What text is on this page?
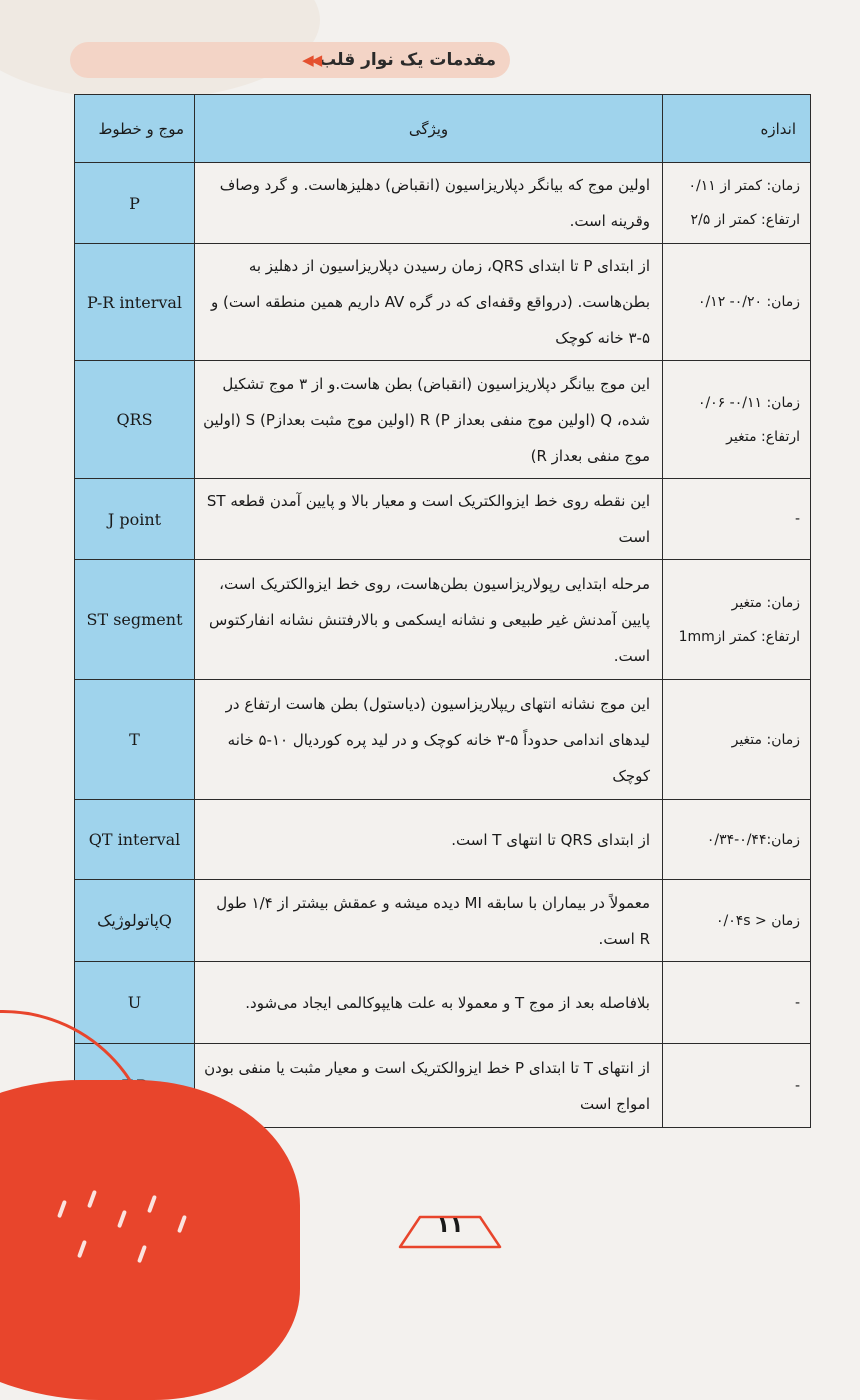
مقدمات یک نوار قلب
◀◀
اندازه	ویژگی	موج و خطوط

زمان: کمتر از ۰/۱۱
ارتفاع: کمتر از ۲/۵	اولین موج که بیانگر دپلاریزاسیون (انقباض) دهلیزهاست. و گرد وصاف وقرینه است.	P

زمان: ۰/۲۰- ۰/۱۲	از ابتدای P تا ابتدای QRS، زمان رسیدن دپلاریزاسیون از دهلیز به بطن‌هاست. (درواقع وقفه‌ای که در گره AV داریم همین منطقه است) و ۵-۳ خانه کوچک	P-R interval

زمان: ۰/۱۱- ۰/۰۶
ارتفاع: متغیر	این موج بیانگر دپلاریزاسیون (انقباض) بطن هاست.و از ۳ موج تشکیل شده، Q (اولین موج منفی بعداز P) R (اولین موج مثبت بعدازP) S (اولین موج منفی بعداز R)	QRS

-	این نقطه روی خط ایزوالکتریک است و معیار بالا و پایین آمدن قطعه ST است	J point

زمان: متغیر
ارتفاع: کمتر از1mm	مرحله ابتدایی رپولاریزاسیون بطن‌هاست، روی خط ایزوالکتریک است، پایین آمدنش غیر طبیعی و نشانه ایسکمی و بالارفتنش نشانه انفارکتوس است.	ST segment

زمان: متغیر	این موج نشانه انتهای ریپلاریزاسیون (دیاستول) بطن هاست ارتفاع در لیدهای اندامی حدوداً ۵-۳ خانه کوچک و در لید پره کوردیال ۱۰-۵ خانه کوچک	T

زمان:۰/۴۴-۰/۳۴	از ابتدای QRS تا انتهای T است.	QT interval

زمان < ۰/۰۴s	معمولاً در بیماران با سابقه MI دیده میشه و عمقش بیشتر از ۱/۴ طول R است.	Qپاتولوژیک

-	بلافاصله بعد از موج T و معمولا به علت هایپوکالمی ایجاد می‌شود.	U

-	از انتهای T تا ابتدای P خط ایزوالکتریک است و معیار مثبت یا منفی بودن امواج است	
۱۱
